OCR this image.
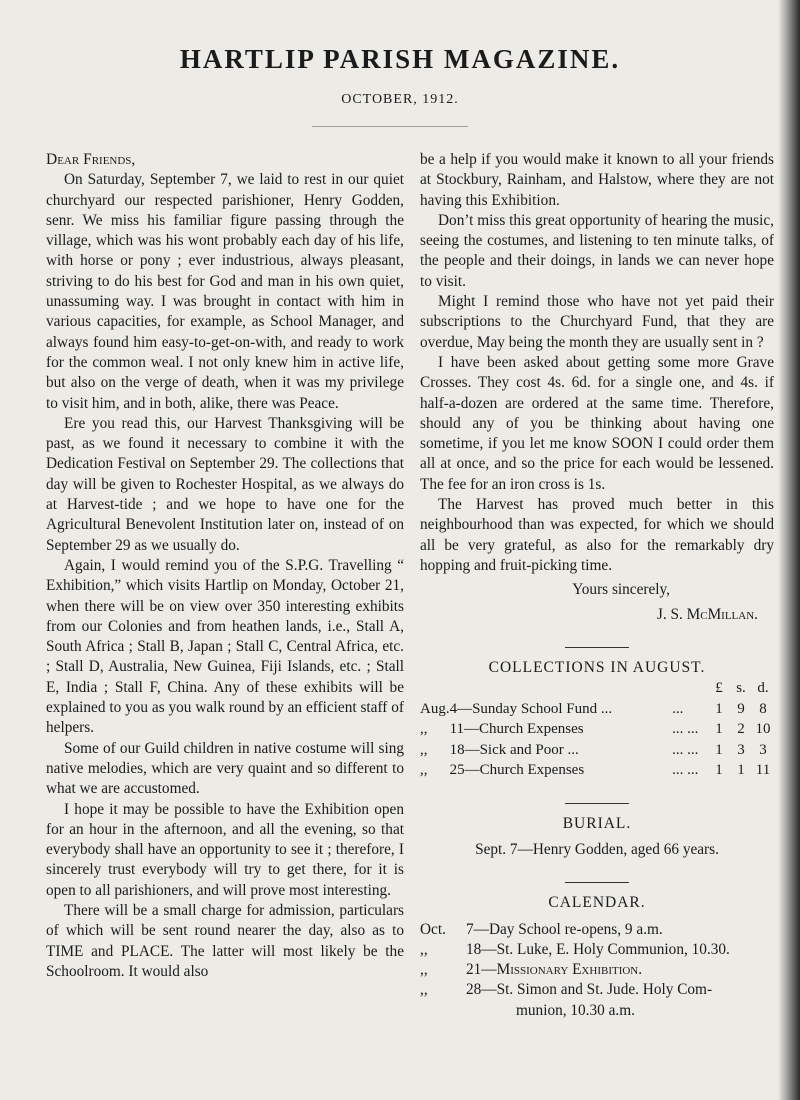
HARTLIP PARISH MAGAZINE.
OCTOBER, 1912.

Dear Friends,

On Saturday, September 7, we laid to rest in our quiet churchyard our respected parishioner, Henry Godden, senr. We miss his familiar figure passing through the village, which was his wont probably each day of his life, with horse or pony ; ever industrious, always pleasant, striving to do his best for God and man in his own quiet, unassuming way. I was brought in contact with him in various capacities, for example, as School Manager, and always found him easy-to-get-on-with, and ready to work for the common weal. I not only knew him in active life, but also on the verge of death, when it was my privilege to visit him, and in both, alike, there was Peace.

Ere you read this, our Harvest Thanksgiving will be past, as we found it necessary to combine it with the Dedication Festival on September 29. The collections that day will be given to Rochester Hospital, as we always do at Harvest-tide ; and we hope to have one for the Agricultural Benevolent Institution later on, instead of on September 29 as we usually do.

Again, I would remind you of the S.P.G. Travelling “ Exhibition,” which visits Hartlip on Monday, October 21, when there will be on view over 350 interesting exhibits from our Colonies and from heathen lands, i.e., Stall A, South Africa ; Stall B, Japan ; Stall C, Central Africa, etc. ; Stall D, Australia, New Guinea, Fiji Islands, etc. ; Stall E, India ; Stall F, China. Any of these exhibits will be explained to you as you walk round by an efficient staff of helpers.

Some of our Guild children in native costume will sing native melodies, which are very quaint and so different to what we are accustomed.

I hope it may be possible to have the Exhibition open for an hour in the afternoon, and all the evening, so that everybody shall have an opportunity to see it ; therefore, I sincerely trust everybody will try to get there, for it is open to all parishioners, and will prove most interesting.

There will be a small charge for admission, particulars of which will be sent round nearer the day, also as to TIME and PLACE. The latter will most likely be the Schoolroom. It would also

be a help if you would make it known to all your friends at Stockbury, Rainham, and Halstow, where they are not having this Exhibition.

Don’t miss this great opportunity of hearing the music, seeing the costumes, and listening to ten minute talks, of the people and their doings, in lands we can never hope to visit.

Might I remind those who have not yet paid their subscriptions to the Churchyard Fund, that they are overdue, May being the month they are usually sent in ?

I have been asked about getting some more Grave Crosses. They cost 4s. 6d. for a single one, and 4s. if half-a-dozen are ordered at the same time. Therefore, should any of you be thinking about having one sometime, if you let me know SOON I could order them all at once, and so the price for each would be lessened. The fee for an iron cross is 1s.

The Harvest has proved much better in this neighbourhood than was expected, for which we should all be very grateful, as also for the remarkably dry hopping and fruit-picking time.

Yours sincerely,
J. S. McMillan.
COLLECTIONS IN AUGUST.
			£	s.	d.
Aug.	4—Sunday School Fund ...	...	1	9	8
,,	11—Church Expenses	... ...	1	2	10
,,	18—Sick and Poor ...	... ...	1	3	3
,,	25—Church Expenses	... ...	1	1	11
BURIAL.
Sept. 7—Henry Godden, aged 66 years.
CALENDAR.
Oct.	7—Day School re-opens, 9 a.m.
,,	18—St. Luke, E. Holy Communion, 10.30.
,,	21—Missionary Exhibition.
,,	28—St. Simon and St. Jude. Holy Com-
munion, 10.30 a.m.
